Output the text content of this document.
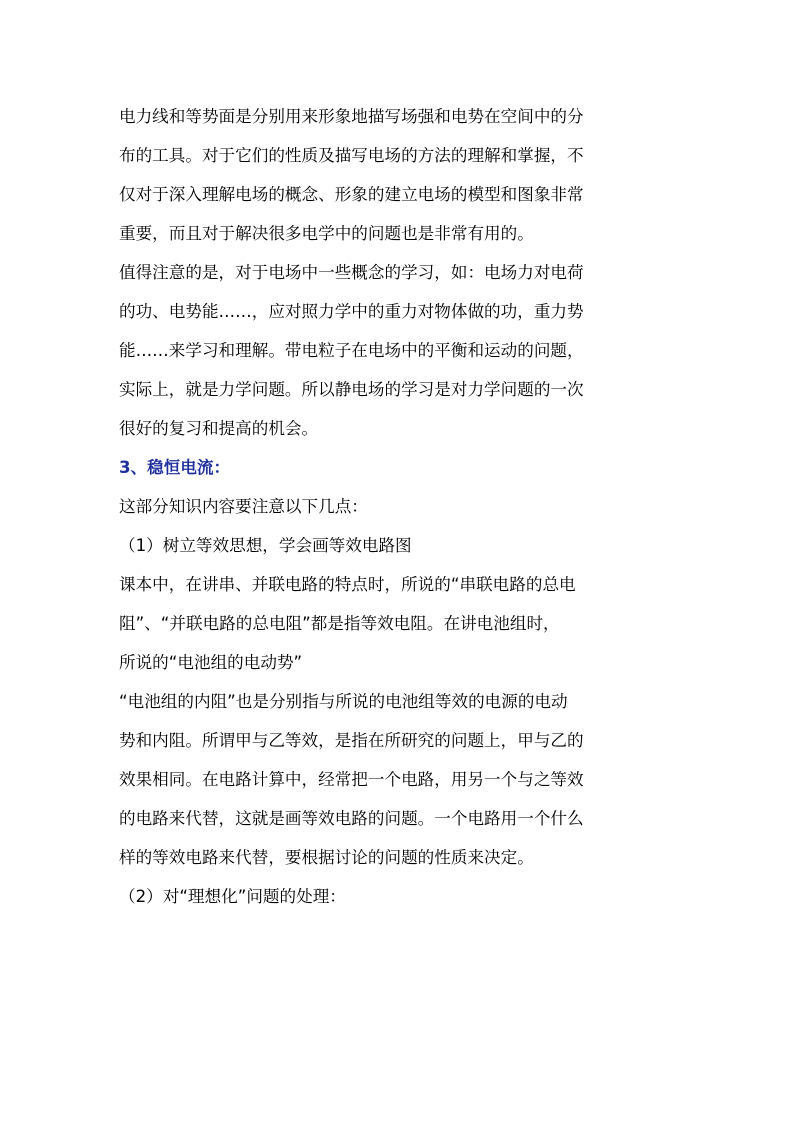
电力线和等势面是分别用来形象地描写场强和电势在空间中的分

布的工具。对于它们的性质及描写电场的方法的理解和掌握，不

仅对于深入理解电场的概念、形象的建立电场的模型和图象非常

重要，而且对于解决很多电学中的问题也是非常有用的。

值得注意的是，对于电场中一些概念的学习，如：电场力对电荷

的功、电势能……，应对照力学中的重力对物体做的功，重力势

能……来学习和理解。带电粒子在电场中的平衡和运动的问题，

实际上，就是力学问题。所以静电场的学习是对力学问题的一次

很好的复习和提高的机会。

3、稳恒电流：

这部分知识内容要注意以下几点：

（1）树立等效思想，学会画等效电路图

课本中，在讲串、并联电路的特点时，所说的“串联电路的总电

阻”、“并联电路的总电阻”都是指等效电阻。在讲电池组时，

所说的“电池组的电动势”

“电池组的内阻”也是分别指与所说的电池组等效的电源的电动

势和内阻。所谓甲与乙等效，是指在所研究的问题上，甲与乙的

效果相同。在电路计算中，经常把一个电路，用另一个与之等效

的电路来代替，这就是画等效电路的问题。一个电路用一个什么

样的等效电路来代替，要根据讨论的问题的性质来决定。

（2）对“理想化”问题的处理：
